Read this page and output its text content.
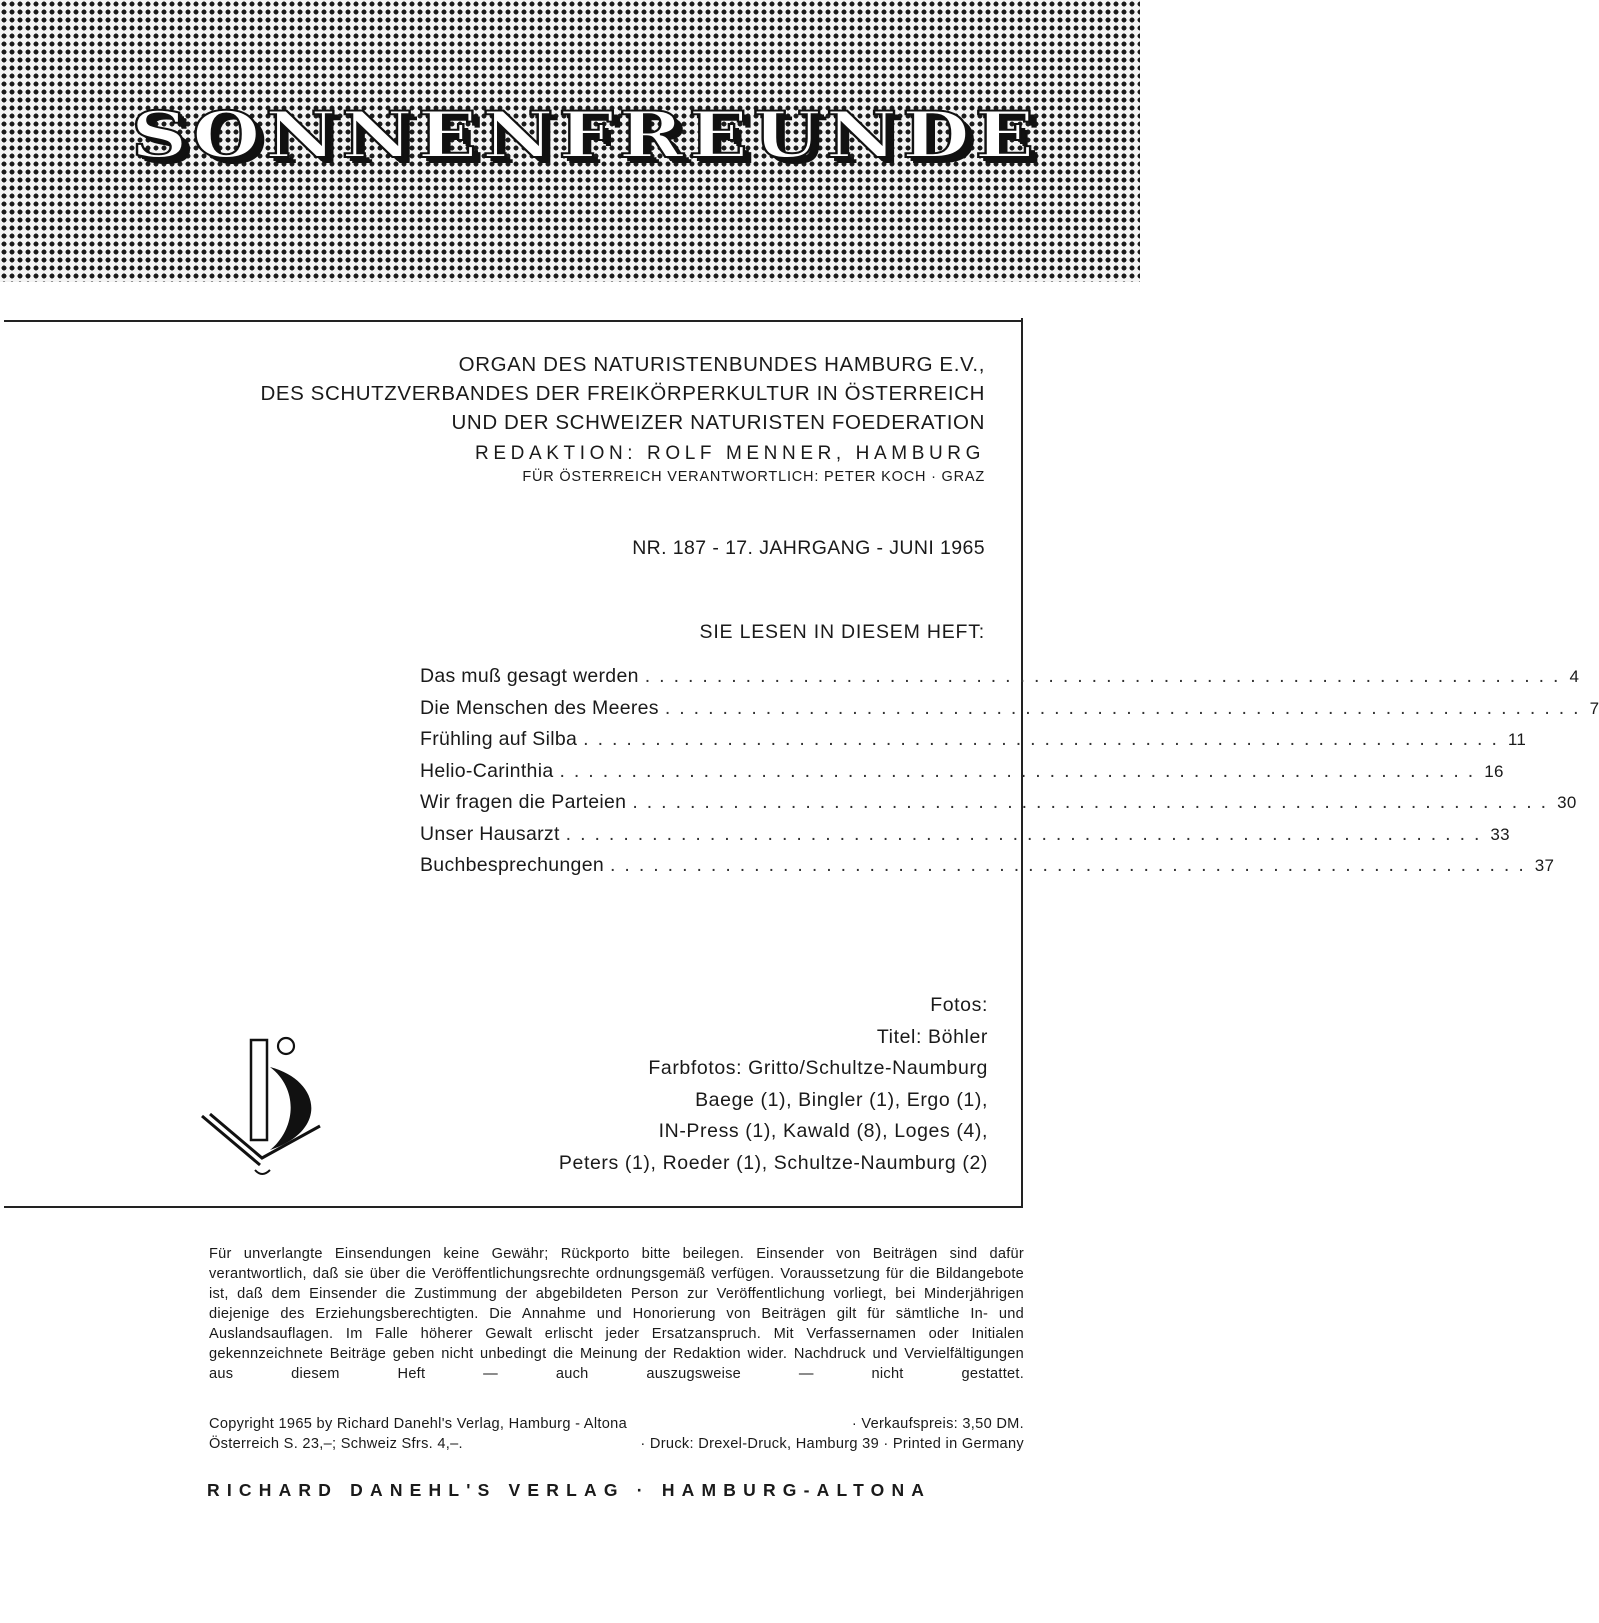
SONNENFREUNDE
ORGAN DES NATURISTENBUNDES HAMBURG E.V.,
DES SCHUTZVERBANDES DER FREIKÖRPERKULTUR IN ÖSTERREICH
UND DER SCHWEIZER NATURISTEN FOEDERATION
REDAKTION: ROLF MENNER, HAMBURG
FÜR ÖSTERREICH VERANTWORTLICH: PETER KOCH · GRAZ
NR. 187 - 17. JAHRGANG - JUNI 1965
SIE LESEN IN DIESEM HEFT:
Das muß gesagt werden ................................................................ 4
Die Menschen des Meeres ................................................................ 7
Frühling auf Silba ................................................................ 11
Helio-Carinthia ................................................................ 16
Wir fragen die Parteien ................................................................ 30
Unser Hausarzt ................................................................ 33
Buchbesprechungen ................................................................ 37
Fotos:
Titel: Böhler
Farbfotos: Gritto/Schultze-Naumburg
Baege (1), Bingler (1), Ergo (1),
IN-Press (1), Kawald (8), Loges (4),
Peters (1), Roeder (1), Schultze-Naumburg (2)

Für unverlangte Einsendungen keine Gewähr; Rückporto bitte beilegen. Einsender von Beiträgen sind dafür verantwortlich, daß sie über die Veröffentlichungsrechte ordnungsgemäß verfügen. Voraussetzung für die Bildangebote ist, daß dem Einsender die Zustimmung der abgebildeten Person zur Veröffentlichung vorliegt, bei Minderjährigen diejenige des Erziehungsberechtigten. Die Annahme und Honorierung von Beiträgen gilt für sämtliche In- und Auslandsauflagen. Im Falle höherer Gewalt erlischt jeder Ersatzanspruch. Mit Verfassernamen oder Initialen gekennzeichnete Beiträge geben nicht unbedingt die Meinung der Redaktion wider. Nachdruck und Vervielfältigungen aus diesem Heft — auch auszugsweise — nicht gestattet.

Copyright 1965 by Richard Danehl's Verlag, Hamburg - Altona	· Verkaufspreis: 3,50 DM.
Österreich S. 23,–; Schweiz Sfrs. 4,–.	· Druck: Drexel-Druck, Hamburg 39 · Printed in Germany
RICHARD DANEHL'S VERLAG · HAMBURG-ALTONA
